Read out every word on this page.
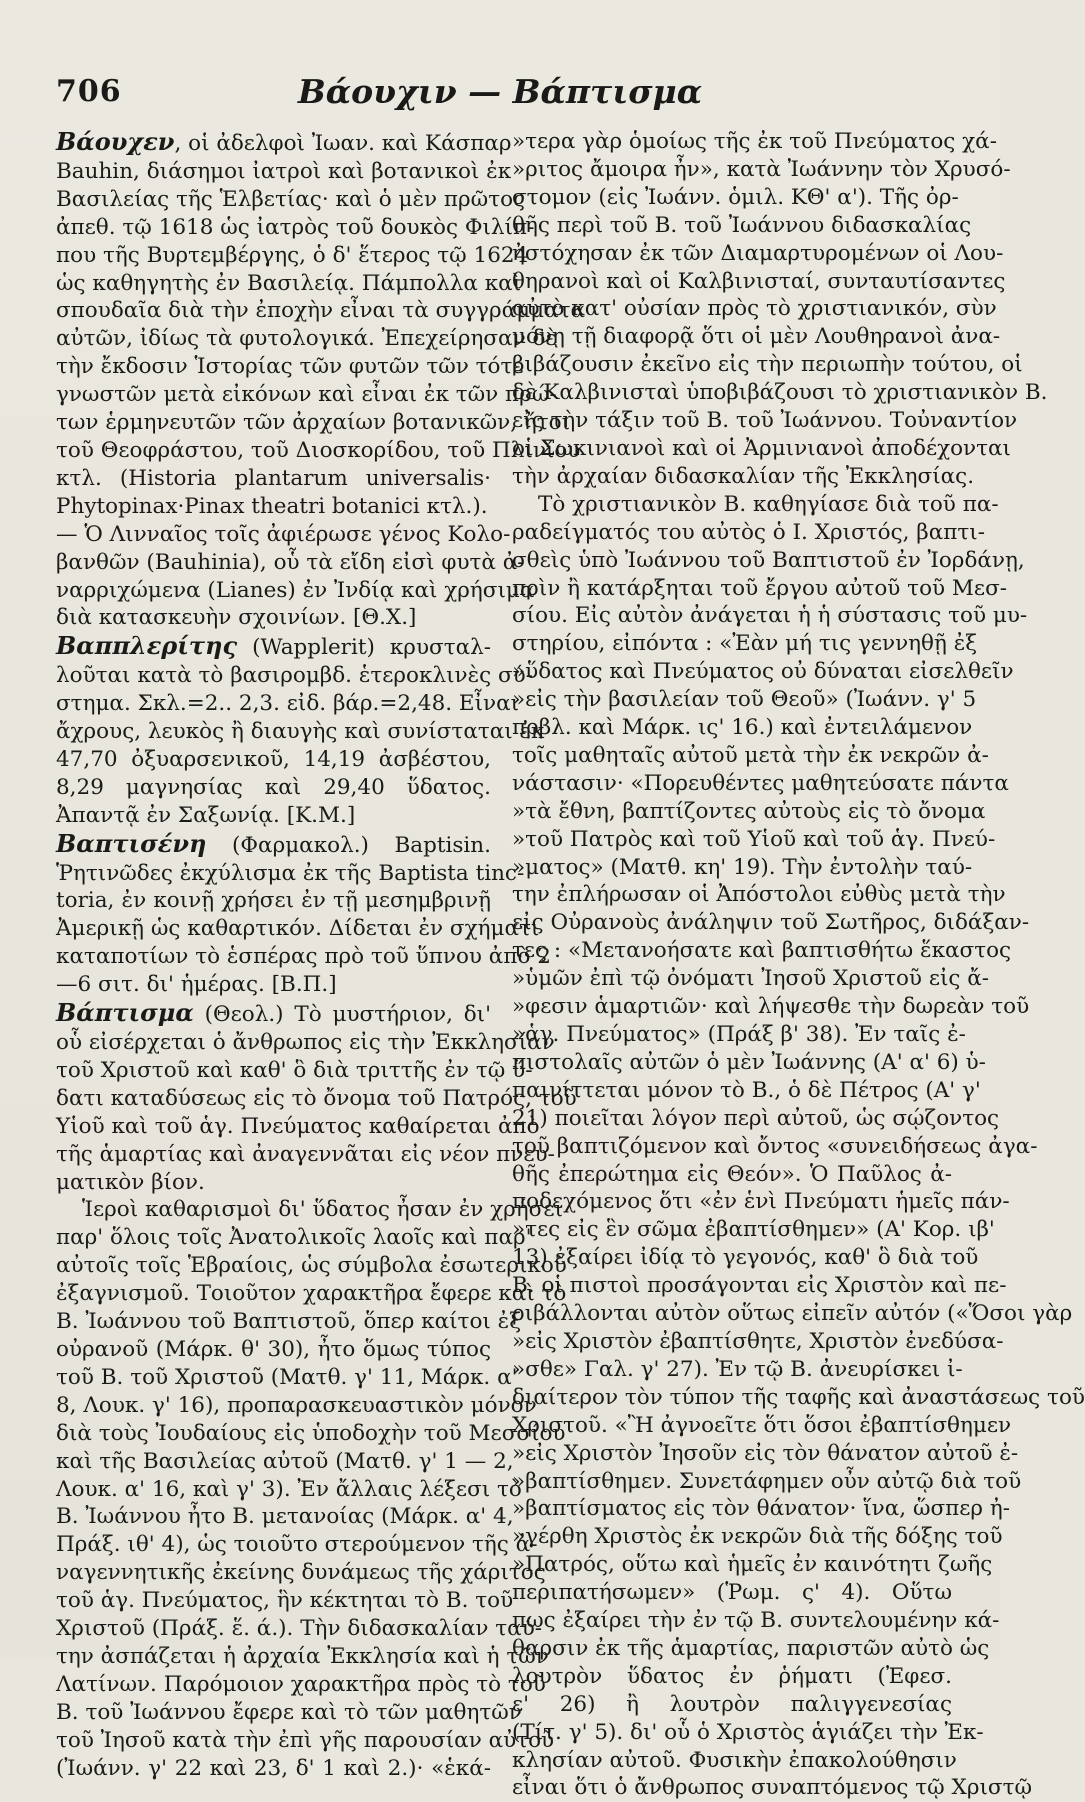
706	Βάουχιν — Βάπτισμα
Βάουχεν, οἱ ἀδελφοὶ Ἰωαν. καὶ Κάσπαρ
Bauhin, διάσημοι ἰατροὶ καὶ βοτανικοὶ ἐκ
Βασιλείας τῆς Ἑλβετίας· καὶ ὁ μὲν πρῶτος
ἀπεθ. τῷ 1618 ὡς ἰατρὸς τοῦ δουκὸς Φιλίπ-
που τῆς Βυρτεμβέργης, ὁ δ' ἕτερος τῷ 1624
ὡς καθηγητὴς ἐν Βασιλείᾳ. Πάμπολλα καὶ
σπουδαῖα διὰ τὴν ἐποχὴν εἶναι τὰ συγγράμματα
αὐτῶν, ἰδίως τὰ φυτολογικά. Ἐπεχείρησαν δὲ
τὴν ἔκδοσιν Ἱστορίας τῶν φυτῶν τῶν τότε
γνωστῶν μετὰ εἰκόνων καὶ εἶναι ἐκ τῶν πρώ-
των ἑρμηνευτῶν τῶν ἀρχαίων βοτανικῶν, ἤτοι
τοῦ Θεοφράστου, τοῦ Διοσκορίδου, τοῦ Πλινίου
κτλ. (Historia plantarum universalis·
Phytopinax·Pinax theatri botanici κτλ.).
— Ὁ Λινναῖος τοῖς ἀφιέρωσε γένος Κολο-
βανθῶν (Bauhinia), οὗ τὰ εἴδη εἰσὶ φυτὰ ἀ-
ναρριχώμενα (Lianes) ἐν Ἰνδίᾳ καὶ χρήσιμα
διὰ κατασκευὴν σχοινίων. [Θ.Χ.]
Βαππλερίτης (Wapplerit) κρυσταλ-
λοῦται κατὰ τὸ βασιρομβδ. ἑτεροκλινὲς σύ-
στημα. Σκλ.=2.. 2,3. εἰδ. βάρ.=2,48. Εἶναι
ἄχρους, λευκὸς ἢ διαυγὴς καὶ συνίσταται ἐκ
47,70 ὀξυαρσενικοῦ, 14,19 ἀσβέστου,
8,29 μαγνησίας καὶ 29,40 ὕδατος.
Ἀπαντᾷ ἐν Σαξωνίᾳ. [Κ.Μ.]
Βαπτισένη (Φαρμακολ.) Baptisin.
Ῥητινῶδες ἐκχύλισμα ἐκ τῆς Baptista tinc-
toria, ἐν κοινῇ χρήσει ἐν τῇ μεσημβρινῇ
Ἀμερικῇ ὡς καθαρτικόν. Δίδεται ἐν σχήματι
καταποτίων τὸ ἑσπέρας πρὸ τοῦ ὕπνου ἀπὸ 2
—6 σιτ. δι' ἡμέρας. [Β.Π.]
Βάπτισμα (Θεολ.) Τὸ μυστήριον, δι'
οὗ εἰσέρχεται ὁ ἄνθρωπος εἰς τὴν Ἐκκλησίαν
τοῦ Χριστοῦ καὶ καθ' ὃ διὰ τριττῆς ἐν τῷ ὕ-
δατι καταδύσεως εἰς τὸ ὄνομα τοῦ Πατρός, τοῦ
Υἱοῦ καὶ τοῦ ἁγ. Πνεύματος καθαίρεται ἀπὸ
τῆς ἁμαρτίας καὶ ἀναγεννᾶται εἰς νέον πνευ-
ματικὸν βίον.
Ἱεροὶ καθαρισμοὶ δι' ὕδατος ἦσαν ἐν χρήσει
παρ' ὅλοις τοῖς Ἀνατολικοῖς λαοῖς καὶ παρ'
αὐτοῖς τοῖς Ἑβραίοις, ὡς σύμβολα ἐσωτερικοῦ
ἐξαγνισμοῦ. Τοιοῦτον χαρακτῆρα ἔφερε καὶ τὸ
Β. Ἰωάννου τοῦ Βαπτιστοῦ, ὅπερ καίτοι ἐξ
οὐρανοῦ (Μάρκ. θ' 30), ἦτο ὅμως τύπος
τοῦ Β. τοῦ Χριστοῦ (Ματθ. γ' 11, Μάρκ. α'
8, Λουκ. γ' 16), προπαρασκευαστικὸν μόνον
διὰ τοὺς Ἰουδαίους εἰς ὑποδοχὴν τοῦ Μεσσίου
καὶ τῆς Βασιλείας αὐτοῦ (Ματθ. γ' 1 — 2,
Λουκ. α' 16, καὶ γ' 3). Ἐν ἄλλαις λέξεσι τὸ
Β. Ἰωάννου ἦτο Β. μετανοίας (Μάρκ. α' 4,
Πράξ. ιθ' 4), ὡς τοιοῦτο στερούμενον τῆς ἀ-
ναγεννητικῆς ἐκείνης δυνάμεως τῆς χάριτος
τοῦ ἁγ. Πνεύματος, ἣν κέκτηται τὸ Β. τοῦ
Χριστοῦ (Πράξ. ἕ. ά.). Τὴν διδασκαλίαν ταύ-
την ἀσπάζεται ἡ ἀρχαία Ἐκκλησία καὶ ἡ τῶν
Λατίνων. Παρόμοιον χαρακτῆρα πρὸς τὸ τοῦ
Β. τοῦ Ἰωάννου ἔφερε καὶ τὸ τῶν μαθητῶν
τοῦ Ἰησοῦ κατὰ τὴν ἐπὶ γῆς παρουσίαν αὐτοῦ
(Ἰωάνν. γ' 22 καὶ 23, δ' 1 καὶ 2.)· «ἑκά-
»τερα γὰρ ὁμοίως τῆς ἐκ τοῦ Πνεύματος χά-
»ριτος ἄμοιρα ἦν», κατὰ Ἰωάννην τὸν Χρυσό-
στομον (εἰς Ἰωάνν. ὁμιλ. ΚΘ' α'). Τῆς ὀρ-
θῆς περὶ τοῦ Β. τοῦ Ἰωάννου διδασκαλίας
ἠστόχησαν ἐκ τῶν Διαμαρτυρομένων οἱ Λου-
θηρανοὶ καὶ οἱ Καλβινισταί, συνταυτίσαντες
αὐτὸ κατ' οὐσίαν πρὸς τὸ χριστιανικόν, σὺν
μόνῃ τῇ διαφορᾷ ὅτι οἱ μὲν Λουθηρανοὶ ἀνα-
βιβάζουσιν ἐκεῖνο εἰς τὴν περιωπὴν τούτου, οἱ
δὲ Καλβινισταὶ ὑποβιβάζουσι τὸ χριστιανικὸν Β.
εἰς τὴν τάξιν τοῦ Β. τοῦ Ἰωάννου. Τοὐναντίον
οἱ Σωκινιανοὶ καὶ οἱ Ἀρμινιανοὶ ἀποδέχονται
τὴν ἀρχαίαν διδασκαλίαν τῆς Ἐκκλησίας.
Τὸ χριστιανικὸν Β. καθηγίασε διὰ τοῦ πα-
ραδείγματός του αὐτὸς ὁ Ι. Χριστός, βαπτι-
σθεὶς ὑπὸ Ἰωάννου τοῦ Βαπτιστοῦ ἐν Ἰορδάνῃ,
πρὶν ἢ κατάρξηται τοῦ ἔργου αὐτοῦ τοῦ Μεσ-
σίου. Εἰς αὐτὸν ἀνάγεται ἡ ἡ σύστασις τοῦ μυ-
στηρίου, εἰπόντα : «Ἐὰν μή τις γεννηθῇ ἐξ
»ὕδατος καὶ Πνεύματος οὐ δύναται εἰσελθεῖν
»εἰς τὴν βασιλείαν τοῦ Θεοῦ» (Ἰωάνν. γ' 5
πρβλ. καὶ Μάρκ. ις' 16.) καὶ ἐντειλάμενον
τοῖς μαθηταῖς αὐτοῦ μετὰ τὴν ἐκ νεκρῶν ἀ-
νάστασιν· «Πορευθέντες μαθητεύσατε πάντα
»τὰ ἔθνη, βαπτίζοντες αὐτοὺς εἰς τὸ ὄνομα
»τοῦ Πατρὸς καὶ τοῦ Υἱοῦ καὶ τοῦ ἁγ. Πνεύ-
»ματος» (Ματθ. κη' 19). Τὴν ἐντολὴν ταύ-
την ἐπλήρωσαν οἱ Ἀπόστολοι εὐθὺς μετὰ τὴν
εἰς Οὐρανοὺς ἀνάληψιν τοῦ Σωτῆρος, διδάξαν-
τες : «Μετανοήσατε καὶ βαπτισθήτω ἕκαστος
»ὑμῶν ἐπὶ τῷ ὀνόματι Ἰησοῦ Χριστοῦ εἰς ἄ-
»φεσιν ἁμαρτιῶν· καὶ λήψεσθε τὴν δωρεὰν τοῦ
»ἁγ. Πνεύματος» (Πράξ β' 38). Ἐν ταῖς ἐ-
πιστολαῖς αὐτῶν ὁ μὲν Ἰωάννης (Α' α' 6) ὑ-
παινίττεται μόνον τὸ Β., ὁ δὲ Πέτρος (Α' γ'
21) ποιεῖται λόγον περὶ αὐτοῦ, ὡς σῴζοντος
τοῦ βαπτιζόμενον καὶ ὄντος «συνειδήσεως ἀγα-
θῆς ἐπερώτημα εἰς Θεόν». Ὁ Παῦλος ἀ-
ποδεχόμενος ὅτι «ἐν ἑνὶ Πνεύματι ἡμεῖς πάν-
»τες εἰς ἓν σῶμα ἐβαπτίσθημεν» (Α' Κορ. ιβ'
13) ἐξαίρει ἰδίᾳ τὸ γεγονός, καθ' ὃ διὰ τοῦ
Β. οἱ πιστοὶ προσάγονται εἰς Χριστὸν καὶ πε-
ριβάλλονται αὐτὸν οὕτως εἰπεῖν αὐτόν («Ὅσοι γὰρ
»εἰς Χριστὸν ἐβαπτίσθητε, Χριστὸν ἐνεδύσα-
»σθε» Γαλ. γ' 27). Ἐν τῷ Β. ἀνευρίσκει ἰ-
διαίτερον τὸν τύπον τῆς ταφῆς καὶ ἀναστάσεως τοῦ
Χριστοῦ. «Ἢ ἀγνοεῖτε ὅτι ὅσοι ἐβαπτίσθημεν
»εἰς Χριστὸν Ἰησοῦν εἰς τὸν θάνατον αὐτοῦ ἐ-
»βαπτίσθημεν. Συνετάφημεν οὖν αὐτῷ διὰ τοῦ
»βαπτίσματος εἰς τὸν θάνατον· ἵνα, ὥσπερ ἠ-
»γέρθη Χριστὸς ἐκ νεκρῶν διὰ τῆς δόξης τοῦ
»Πατρός, οὕτω καὶ ἡμεῖς ἐν καινότητι ζωῆς
περιπατήσωμεν» (Ῥωμ. ς' 4). Οὕτω
πως ἐξαίρει τὴν ἐν τῷ Β. συντελουμένην κά-
θαρσιν ἐκ τῆς ἁμαρτίας, παριστῶν αὐτὸ ὡς
λουτρὸν ὕδατος ἐν ῥήματι (Ἐφεσ.
ε' 26) ἢ λουτρὸν παλιγγενεσίας
(Τίτ. γ' 5). δι' οὗ ὁ Χριστὸς ἁγιάζει τὴν Ἐκ-
κλησίαν αὐτοῦ. Φυσικὴν ἐπακολούθησιν
εἶναι ὅτι ὁ ἄνθρωπος συναπτόμενος τῷ Χριστῷ
